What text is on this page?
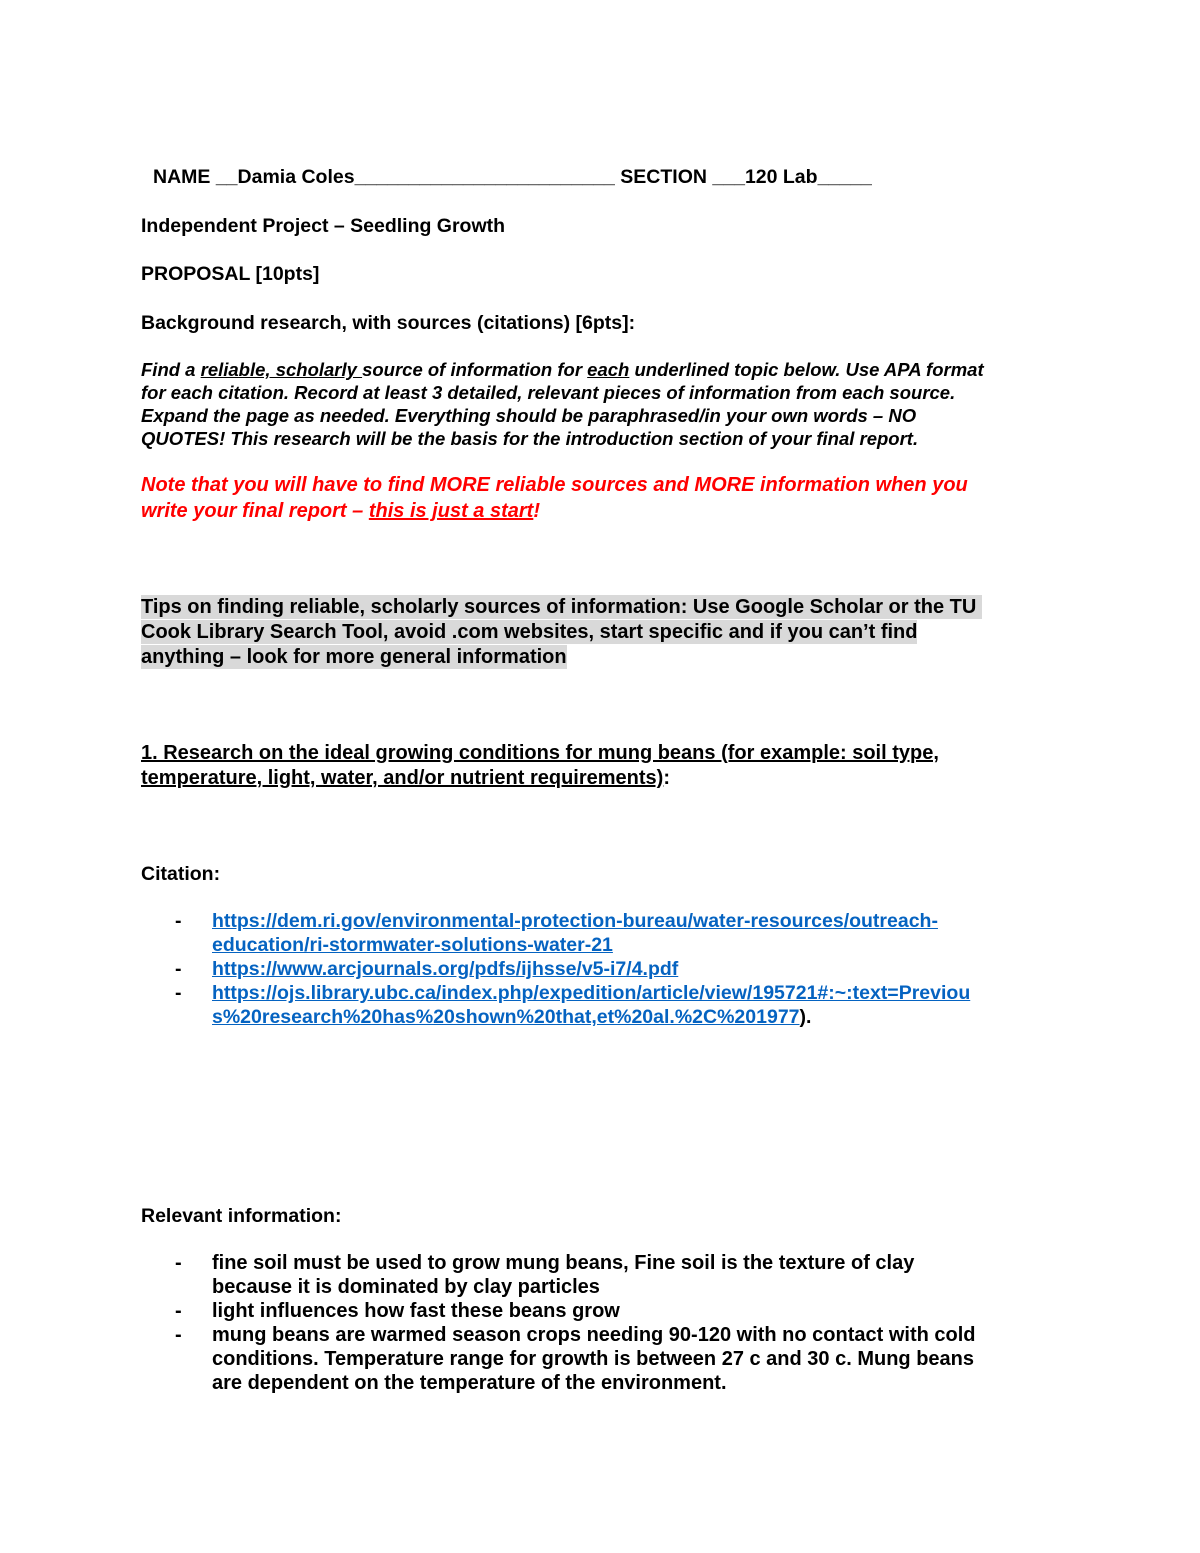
NAME __Damia Coles________________________ SECTION ___120 Lab_____
Independent Project – Seedling Growth
PROPOSAL [10pts]
Background research, with sources (citations) [6pts]:
Find a reliable, scholarly source of information for each underlined topic below. Use APA format
for each citation. Record at least 3 detailed, relevant pieces of information from each source.
Expand the page as needed. Everything should be paraphrased/in your own words – NO
QUOTES! This research will be the basis for the introduction section of your final report.
Note that you will have to find MORE reliable sources and MORE information when you
write your final report – this is just a start!
Tips on finding reliable, scholarly sources of information: Use Google Scholar or the TU
Cook Library Search Tool, avoid .com websites, start specific and if you can’t find
anything – look for more general information
1. Research on the ideal growing conditions for mung beans (for example: soil type,
temperature, light, water, and/or nutrient requirements):
Citation:
- https://dem.ri.gov/environmental-protection-bureau/water-resources/outreach-
education/ri-stormwater-solutions-water-21
- https://www.arcjournals.org/pdfs/ijhsse/v5-i7/4.pdf
- https://ojs.library.ubc.ca/index.php/expedition/article/view/195721#:~:text=Previou
s%20research%20has%20shown%20that,et%20al.%2C%201977).
Relevant information:
- fine soil must be used to grow mung beans, Fine soil is the texture of clay
because it is dominated by clay particles
- light influences how fast these beans grow
- mung beans are warmed season crops needing 90-120 with no contact with cold
conditions. Temperature range for growth is between 27 c and 30 c. Mung beans
are dependent on the temperature of the environment.
